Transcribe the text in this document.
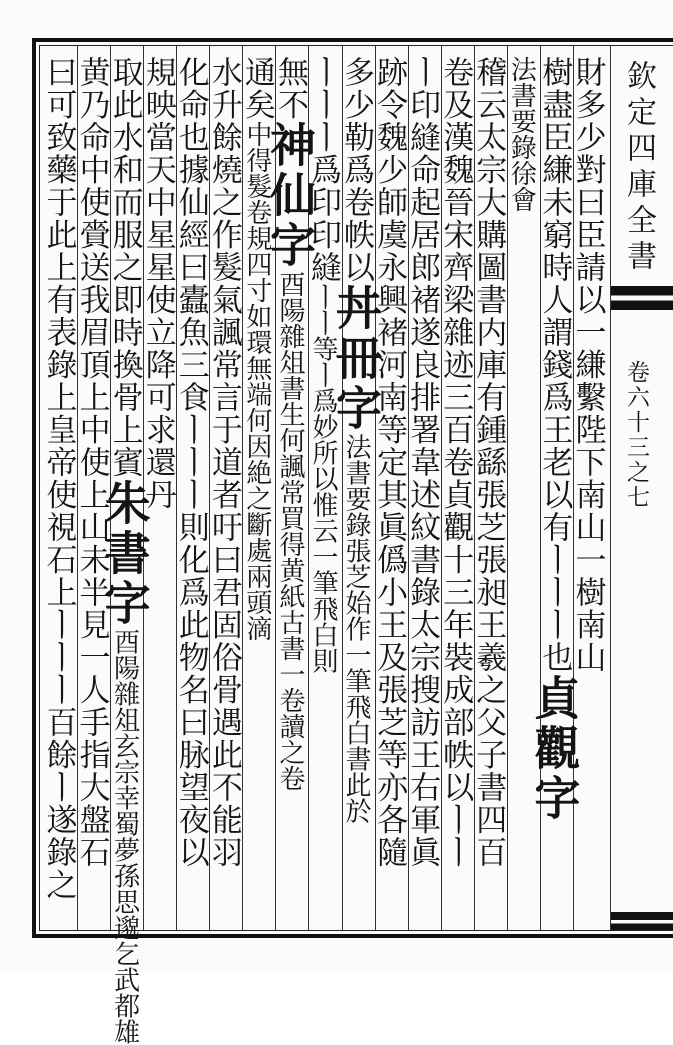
欽定四庫全書
卷六十三之七
財多少對曰臣請以一縑繫陛下南山一樹南山
樹盡臣縑未窮時人謂錢爲王老以有ㅣㅣㅣ也貞觀字
法書要錄徐會
稽云太宗大購圖書内庫有鍾繇張芝張昶王羲之父子書四百
卷及漢魏晉宋齊梁雜迹三百卷貞觀十三年裝成部帙以ㅣㅣ
ㅣ印縫命起居郎褚遂良排署韋述紋書錄太宗搜訪王右軍眞
跡令魏少師虞永興褚河南等定其眞僞小王及張芝等亦各隨
多少勒爲卷帙以丼冊字法書要錄張芝始作一筆飛白書此於
ㅣㅣㅣ爲印印縫ㅣㅣ等ㅣ爲妙所以惟云一筆飛白則
無不神仙字酉陽雜俎書生何諷常買得黄紙古書一卷讀之卷
通矣中得髮卷規四寸如環無端何因絶之斷處兩頭滴
水升餘燒之作髮氣諷常言于道者吁曰君固俗骨遇此不能羽
化命也據仙經曰蠹魚三食ㅣㅣㅣ則化爲此物名曰脉望夜以
規映當天中星星使立降可求還丹
取此水和而服之即時換骨上賓朱書字酉陽雜俎玄宗幸蜀夢孫思邈乞武都雄
黄乃命中使賫送我眉頂上中使上山未半見一人手指大盤石
曰可致藥于此上有表錄上皇帝使視石上ㅣㅣㅣ百餘ㅣ遂錄之
